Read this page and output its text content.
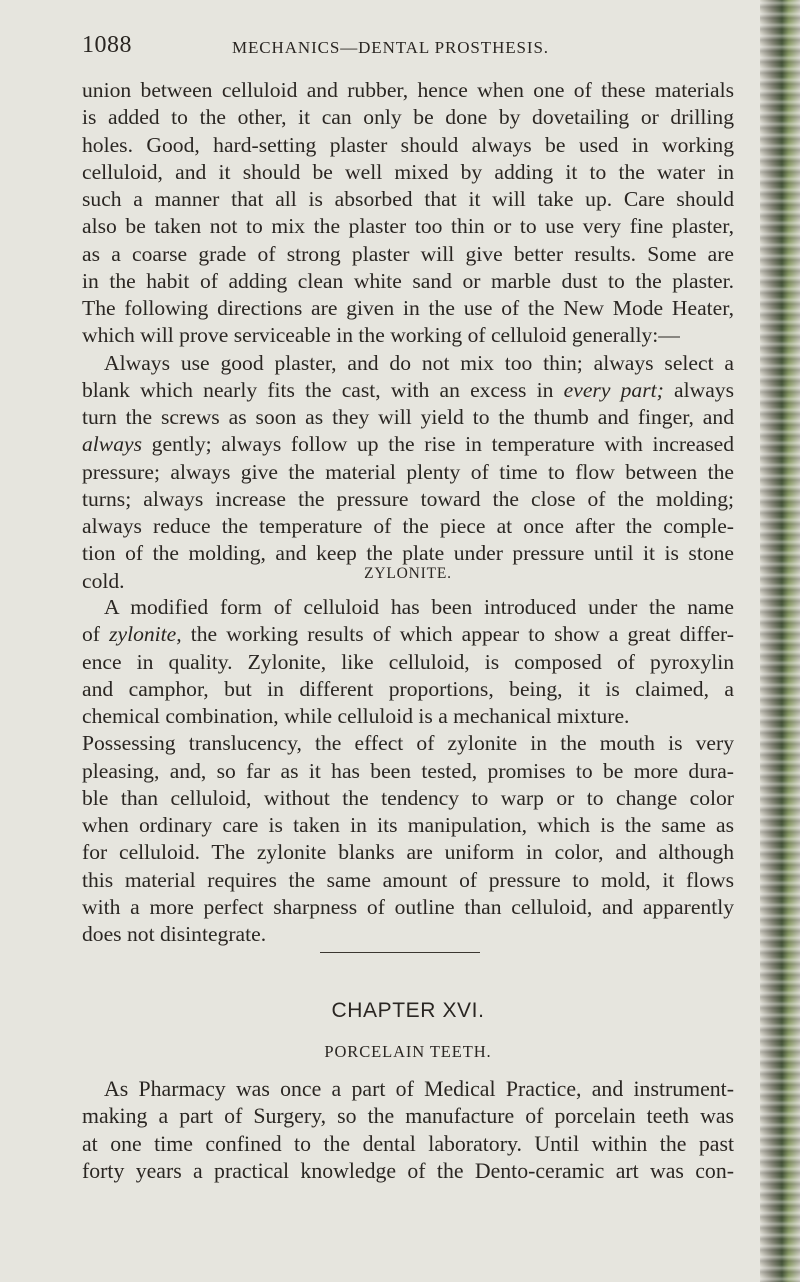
1088	MECHANICS—DENTAL PROSTHESIS.
union between celluloid and rubber, hence when one of these materials
is added to the other, it can only be done by dovetailing or drilling
holes. Good, hard-setting plaster should always be used in working
celluloid, and it should be well mixed by adding it to the water in
such a manner that all is absorbed that it will take up. Care should
also be taken not to mix the plaster too thin or to use very fine plaster,
as a coarse grade of strong plaster will give better results. Some are
in the habit of adding clean white sand or marble dust to the plaster.
The following directions are given in the use of the New Mode Heater,
which will prove serviceable in the working of celluloid generally:—
Always use good plaster, and do not mix too thin; always select a
blank which nearly fits the cast, with an excess in every part; always
turn the screws as soon as they will yield to the thumb and finger, and
always gently; always follow up the rise in temperature with increased
pressure; always give the material plenty of time to flow between the
turns; always increase the pressure toward the close of the molding;
always reduce the temperature of the piece at once after the comple-
tion of the molding, and keep the plate under pressure until it is stone
cold.	ZYLONITE.
A modified form of celluloid has been introduced under the name
of zylonite, the working results of which appear to show a great differ-
ence in quality. Zylonite, like celluloid, is composed of pyroxylin
and camphor, but in different proportions, being, it is claimed, a
chemical combination, while celluloid is a mechanical mixture.
Possessing translucency, the effect of zylonite in the mouth is very
pleasing, and, so far as it has been tested, promises to be more dura-
ble than celluloid, without the tendency to warp or to change color
when ordinary care is taken in its manipulation, which is the same as
for celluloid. The zylonite blanks are uniform in color, and although
this material requires the same amount of pressure to mold, it flows
with a more perfect sharpness of outline than celluloid, and apparently
does not disintegrate.
CHAPTER XVI.
PORCELAIN TEETH.
As Pharmacy was once a part of Medical Practice, and instrument-
making a part of Surgery, so the manufacture of porcelain teeth was
at one time confined to the dental laboratory. Until within the past
forty years a practical knowledge of the Dento-ceramic art was con-
